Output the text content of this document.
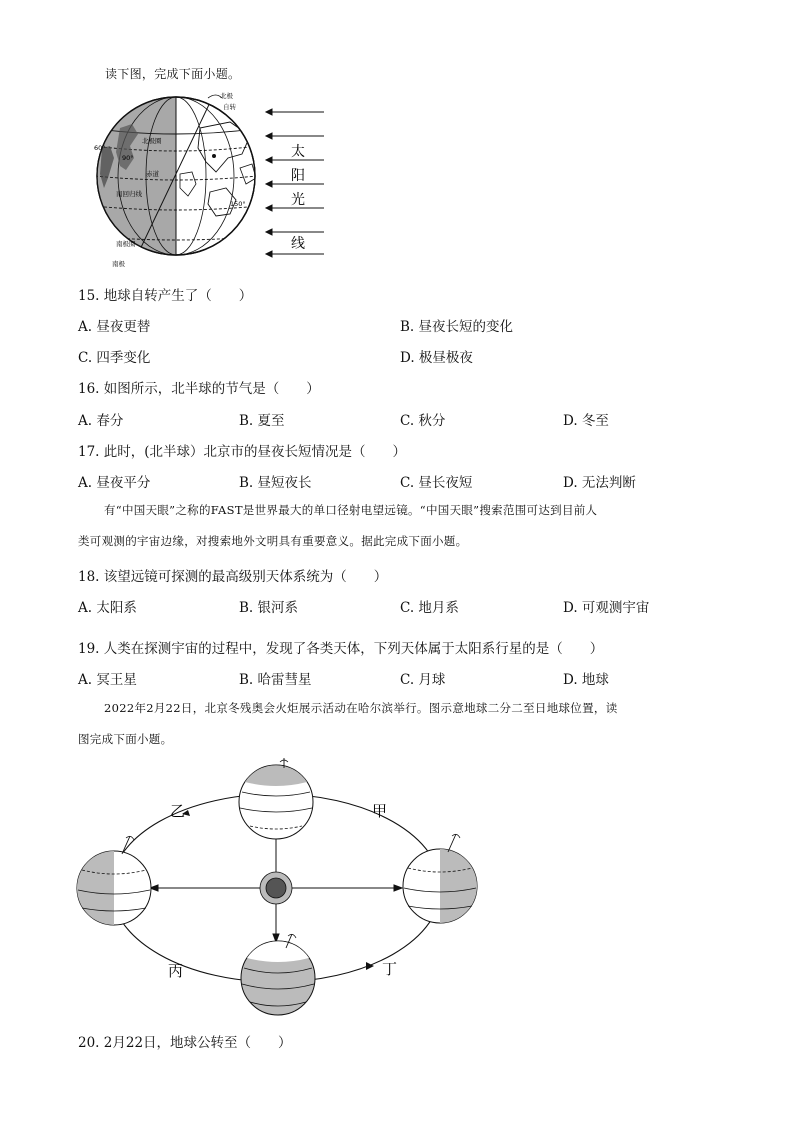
读下图，完成下面小题。
北极
自转
南极
北极圈
赤道
南回归线
南极圈
60°
90°
150°
太
阳
光
线
15. 地球自转产生了（　　）
A. 昼夜更替	B. 昼夜长短的变化
C. 四季变化	D. 极昼极夜
16. 如图所示，北半球的节气是（　　）
A. 春分	B. 夏至	C. 秋分	D. 冬至
17. 此时，(北半球）北京市的昼夜长短情况是（　　）
A. 昼夜平分	B. 昼短夜长	C. 昼长夜短	D. 无法判断
有“中国天眼”之称的FAST是世界最大的单口径射电望远镜。“中国天眼”搜索范围可达到目前人
类可观测的宇宙边缘，对搜索地外文明具有重要意义。据此完成下面小题。
18. 该望远镜可探测的最高级别天体系统为（　　）
A. 太阳系	B. 银河系	C. 地月系	D. 可观测宇宙
19. 人类在探测宇宙的过程中，发现了各类天体，下列天体属于太阳系行星的是（　　）
A. 冥王星	B. 哈雷彗星	C. 月球	D. 地球
2022年2月22日，北京冬残奥会火炬展示活动在哈尔滨举行。图示意地球二分二至日地球位置，读
图完成下面小题。
乙	甲
丙	丁
20. 2月22日，地球公转至（　　）
